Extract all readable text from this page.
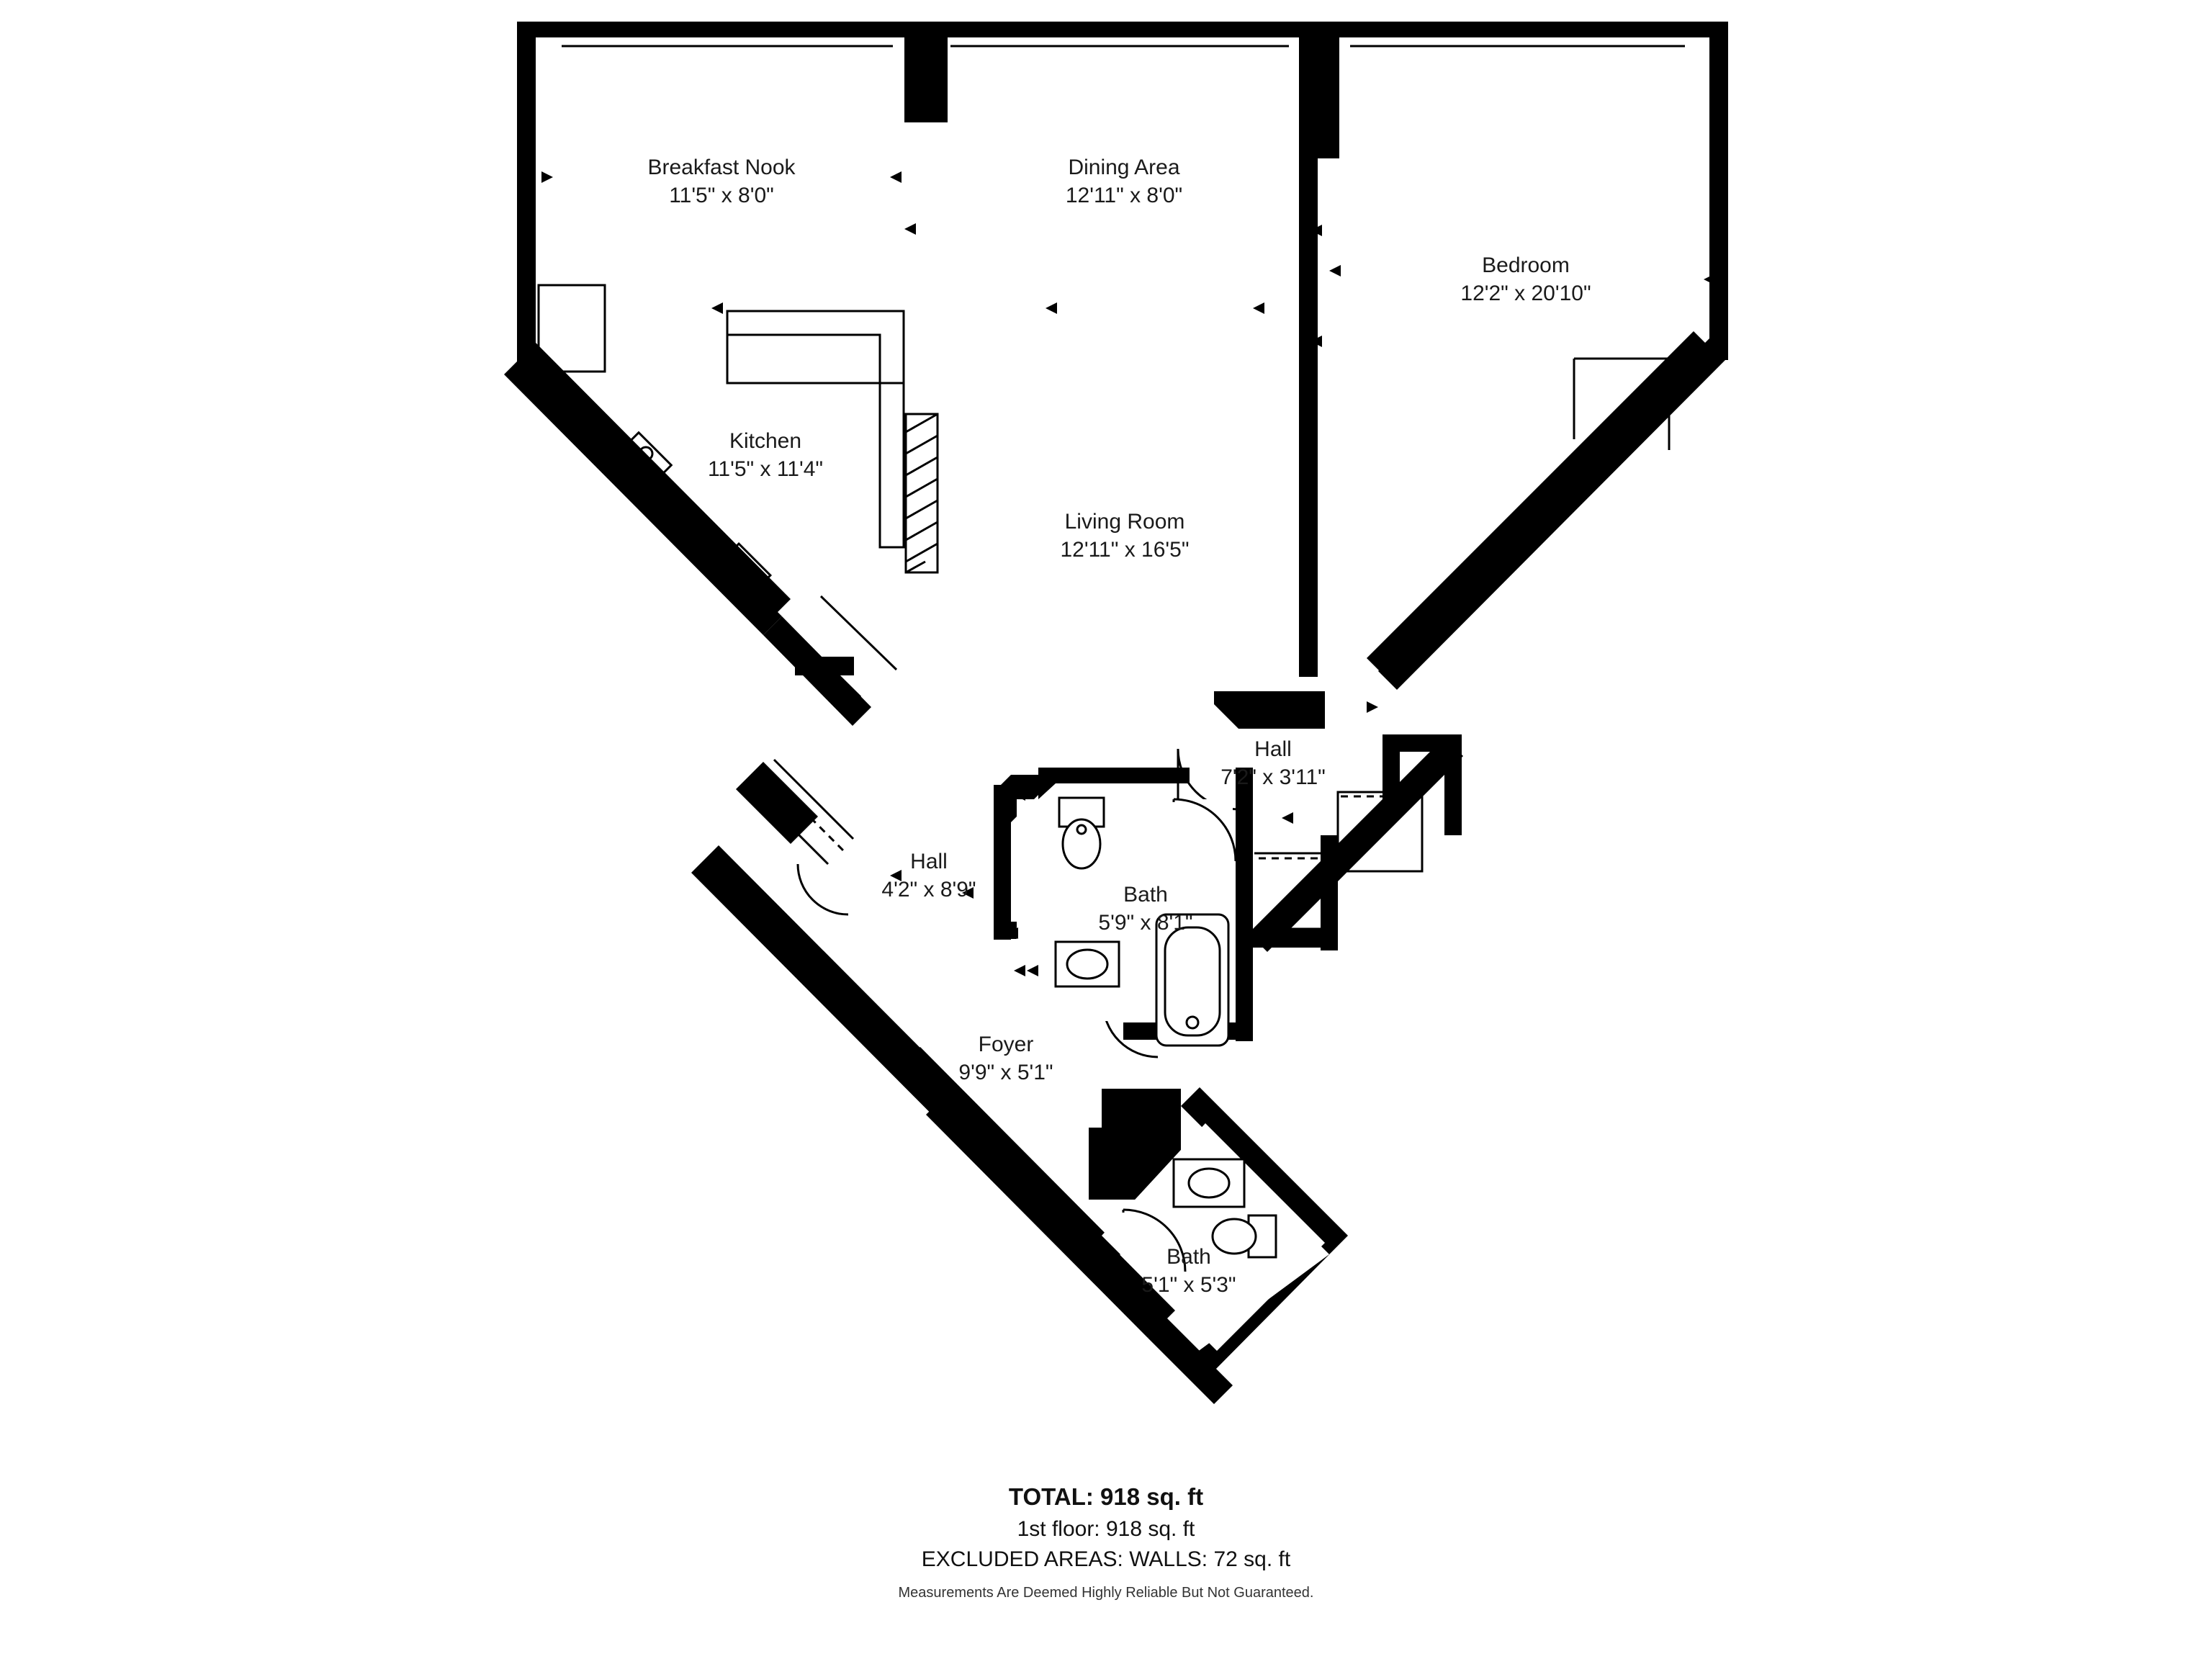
Breakfast Nook
11'5" x 8'0"
Dining Area
12'11" x 8'0"
Bedroom
12'2" x 20'10"
Kitchen
11'5" x 11'4"
Living Room
12'11" x 16'5"
Hall
7'2" x 3'11"
Hall
4'2" x 8'9"	Bath
5'9" x 8'1"
Foyer
9'9" x 5'1"
Bath
5'1" x 5'3"

TOTAL: 918 sq. ft

1st floor: 918 sq. ft

EXCLUDED AREAS: WALLS: 72 sq. ft

Measurements Are Deemed Highly Reliable But Not Guaranteed.
